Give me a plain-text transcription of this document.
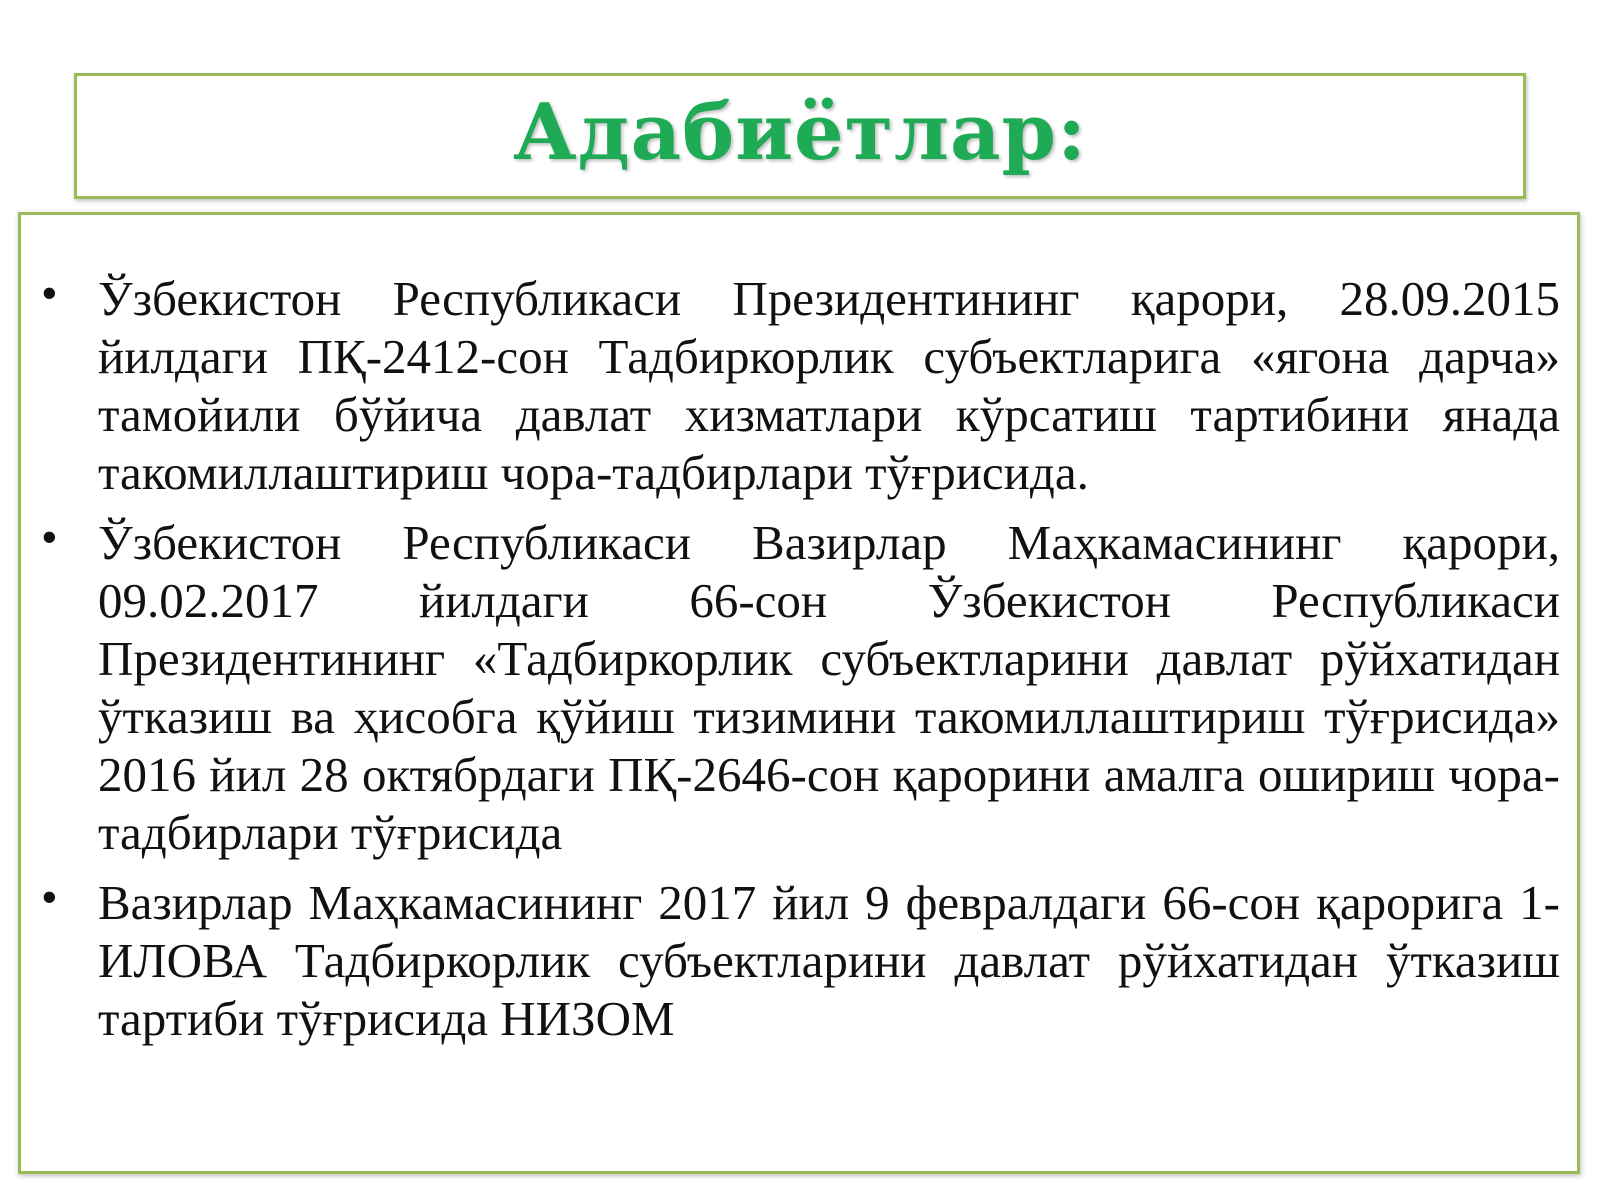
Адабиётлар:
• Ўзбекистон Республикаси Президентининг қарори, 28.09.2015 йилдаги ПҚ-2412-сон Тадбиркорлик субъектларига «ягона дарча» тамойили бўйича давлат хизматлари кўрсатиш тартибини янада такомиллаштириш чора-тадбирлари тўғрисида.
• Ўзбекистон Республикаси Вазирлар Маҳкамасининг қарори, 09.02.2017 йилдаги 66-сон Ўзбекистон Республикаси Президентининг «Тадбиркорлик субъектларини давлат рўйхатидан ўтказиш ва ҳисобга қўйиш тизимини такомиллаштириш тўғрисида» 2016 йил 28 октябрдаги ПҚ-2646-сон қарорини амалга ошириш чора-тадбирлари тўғрисида
• Вазирлар Маҳкамасининг 2017 йил 9 февралдаги 66-сон қарорига 1-ИЛОВА Тадбиркорлик субъектларини давлат рўйхатидан ўтказиш тартиби тўғрисида НИЗОМ
